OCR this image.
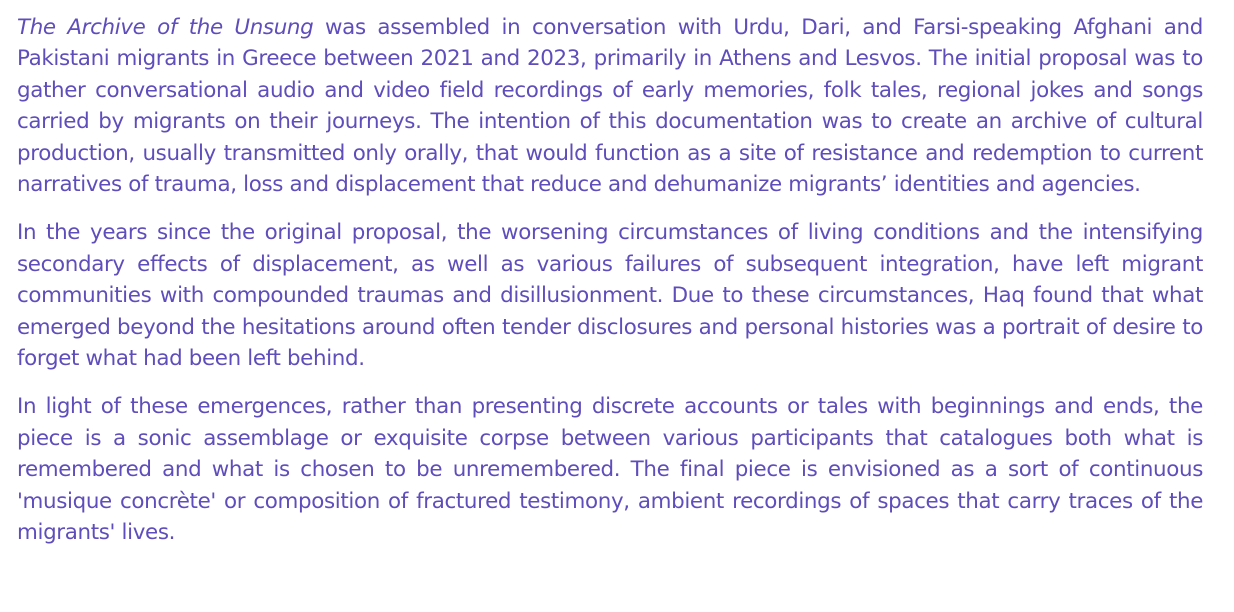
The Archive of the Unsung was assembled in conversation with Urdu, Dari, and Farsi-speaking Afghani and Pakistani migrants in Greece between 2021 and 2023, primarily in Athens and Lesvos. The initial proposal was to gather conversational audio and video field recordings of early memories, folk tales, regional jokes and songs carried by migrants on their journeys. The intention of this documentation was to create an archive of cultural production, usually transmitted only orally, that would function as a site of resistance and redemption to current narratives of trauma, loss and displacement that reduce and dehumanize migrants’ identities and agencies.

In the years since the original proposal, the worsening circumstances of living conditions and the intensifying secondary effects of displacement, as well as various failures of subsequent integration, have left migrant communities with compounded traumas and disillusionment. Due to these circumstances, Haq found that what emerged beyond the hesitations around often tender disclosures and personal histories was a portrait of desire to forget what had been left behind.

In light of these emergences, rather than presenting discrete accounts or tales with beginnings and ends, the piece is a sonic assemblage or exquisite corpse between various participants that catalogues both what is remembered and what is chosen to be unremembered. The final piece is envisioned as a sort of continuous 'musique concrète' or composition of fractured testimony, ambient recordings of spaces that carry traces of the migrants' lives.
